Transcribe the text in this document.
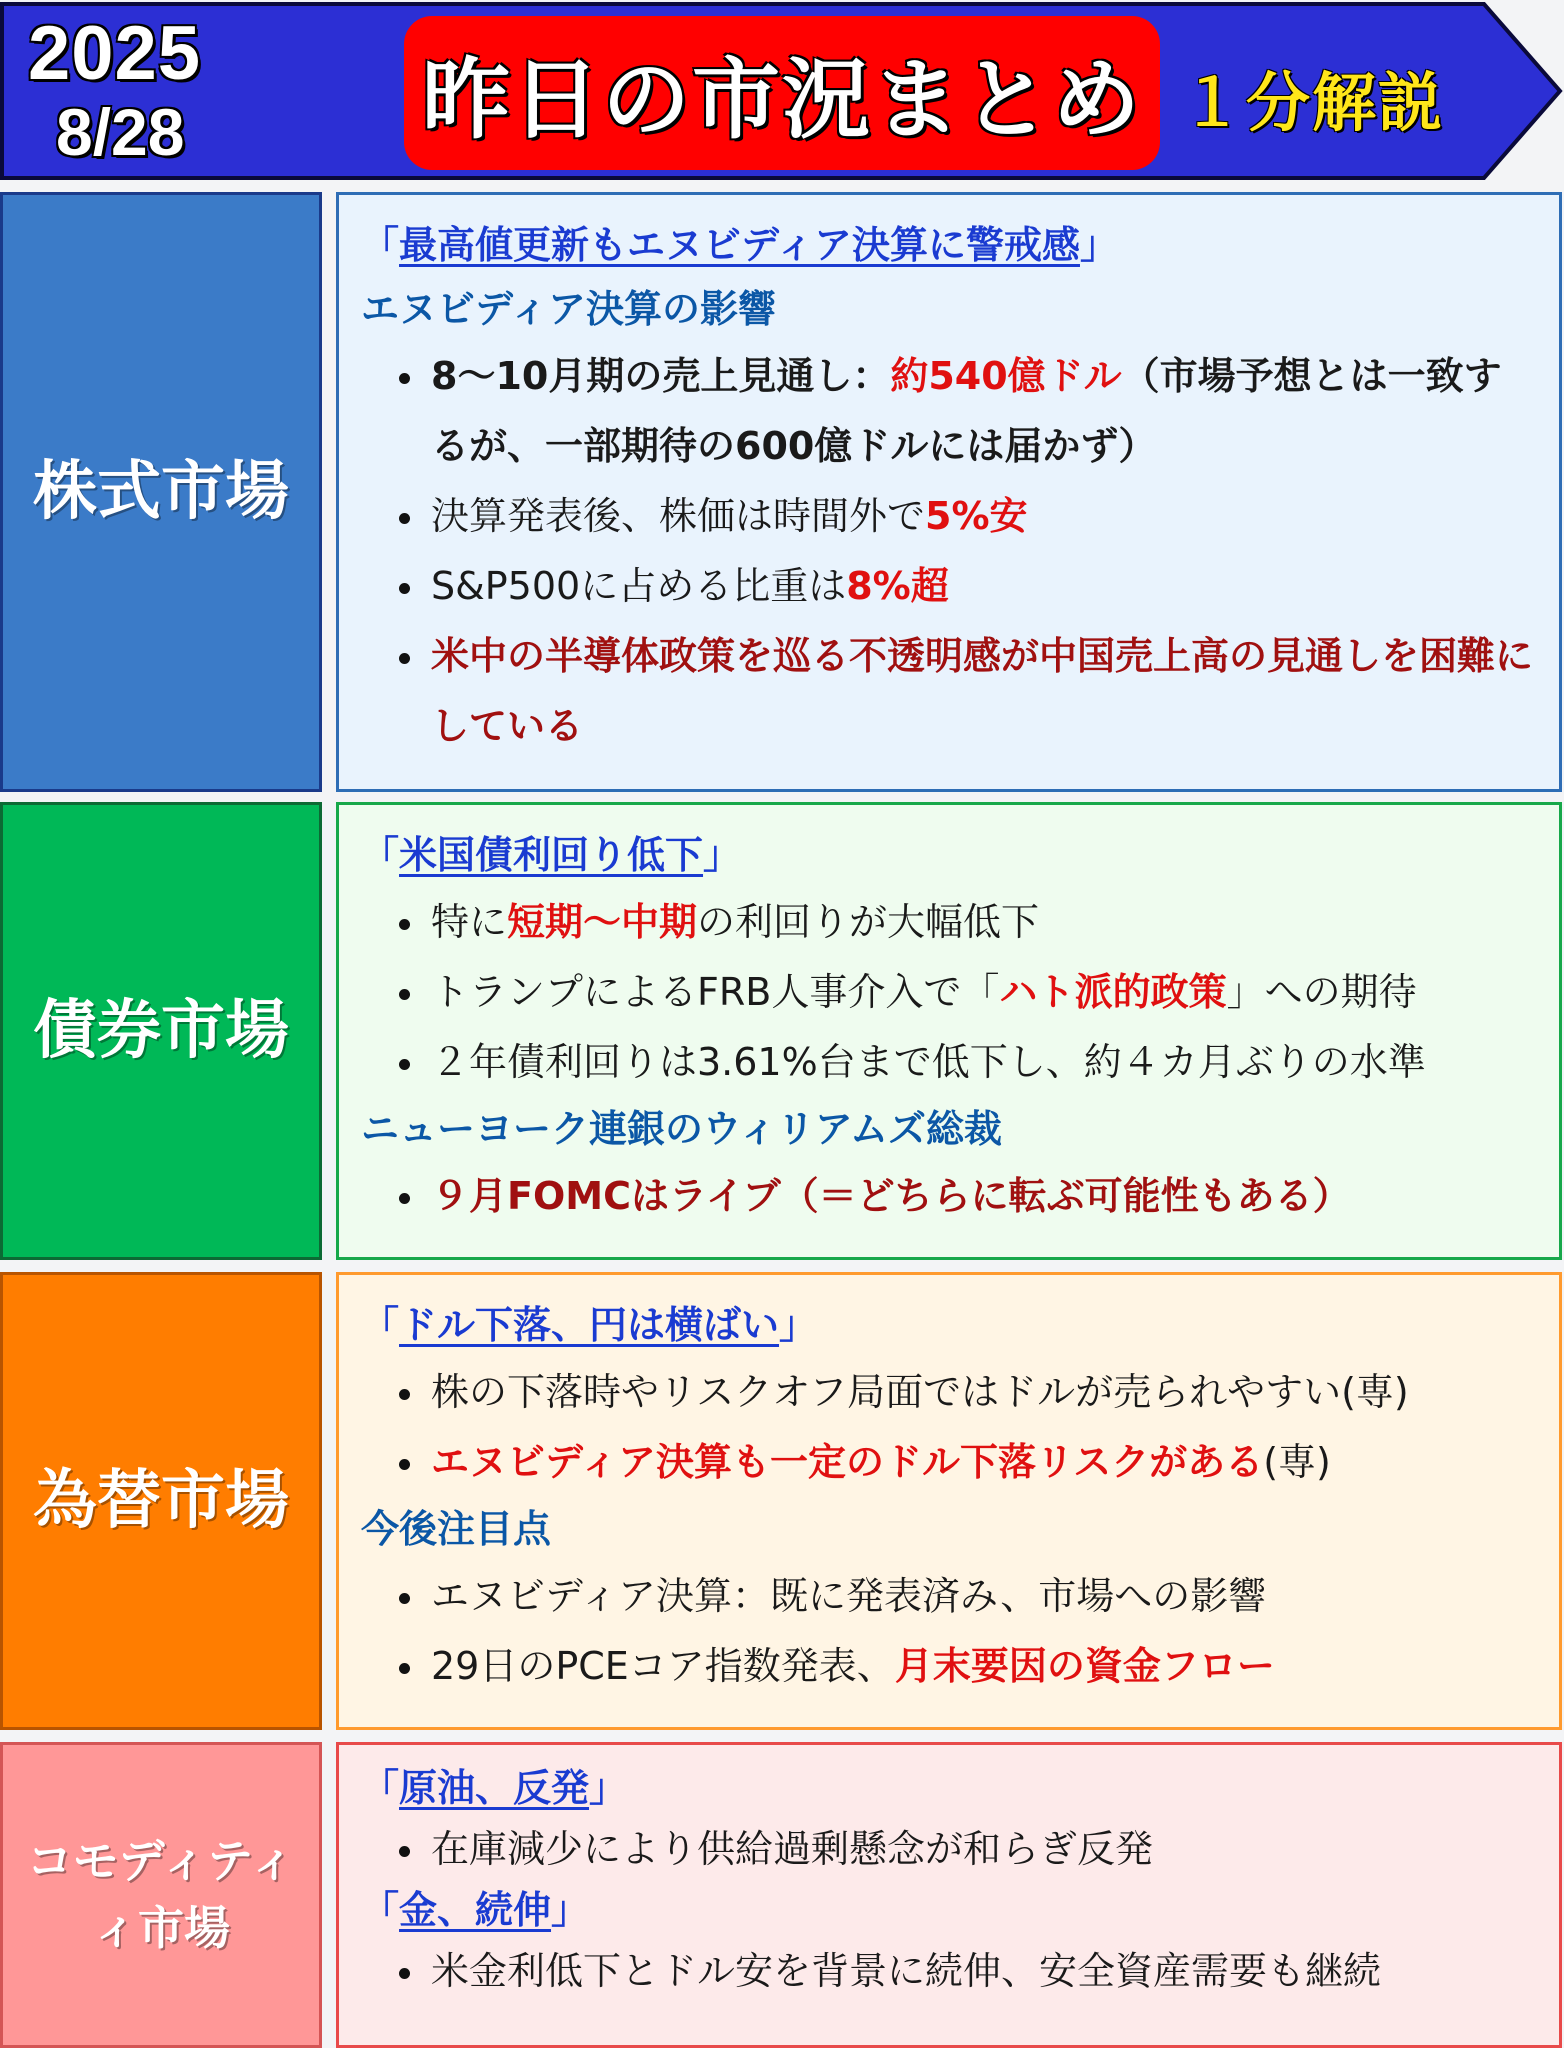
2025
8/28	昨日の市況まとめ １分解説
株式市場
「最高値更新もエヌビディア決算に警戒感」
エヌビディア決算の影響
8〜10月期の売上見通し：約540億ドル（市場予想とは一致するが、一部期待の600億ドルには届かず）
決算発表後、株価は時間外で5%安
S&P500に占める比重は8%超
米中の半導体政策を巡る不透明感が中国売上高の見通しを困難にしている
債券市場
「米国債利回り低下」
特に短期〜中期の利回りが大幅低下
トランプによるFRB人事介入で「ハト派的政策」への期待
２年債利回りは3.61%台まで低下し、約４カ月ぶりの水準
ニューヨーク連銀のウィリアムズ総裁
９月FOMCはライブ（＝どちらに転ぶ可能性もある）
為替市場
「ドル下落、円は横ばい」
株の下落時やリスクオフ局面ではドルが売られやすい(専)
エヌビディア決算も一定のドル下落リスクがある(専)
今後注目点
エヌビディア決算：既に発表済み、市場への影響
29日のPCEコア指数発表、月末要因の資金フロー
コモディティ
ィ市場
「原油、反発」
在庫減少により供給過剰懸念が和らぎ反発
「金、続伸」
米金利低下とドル安を背景に続伸、安全資産需要も継続
